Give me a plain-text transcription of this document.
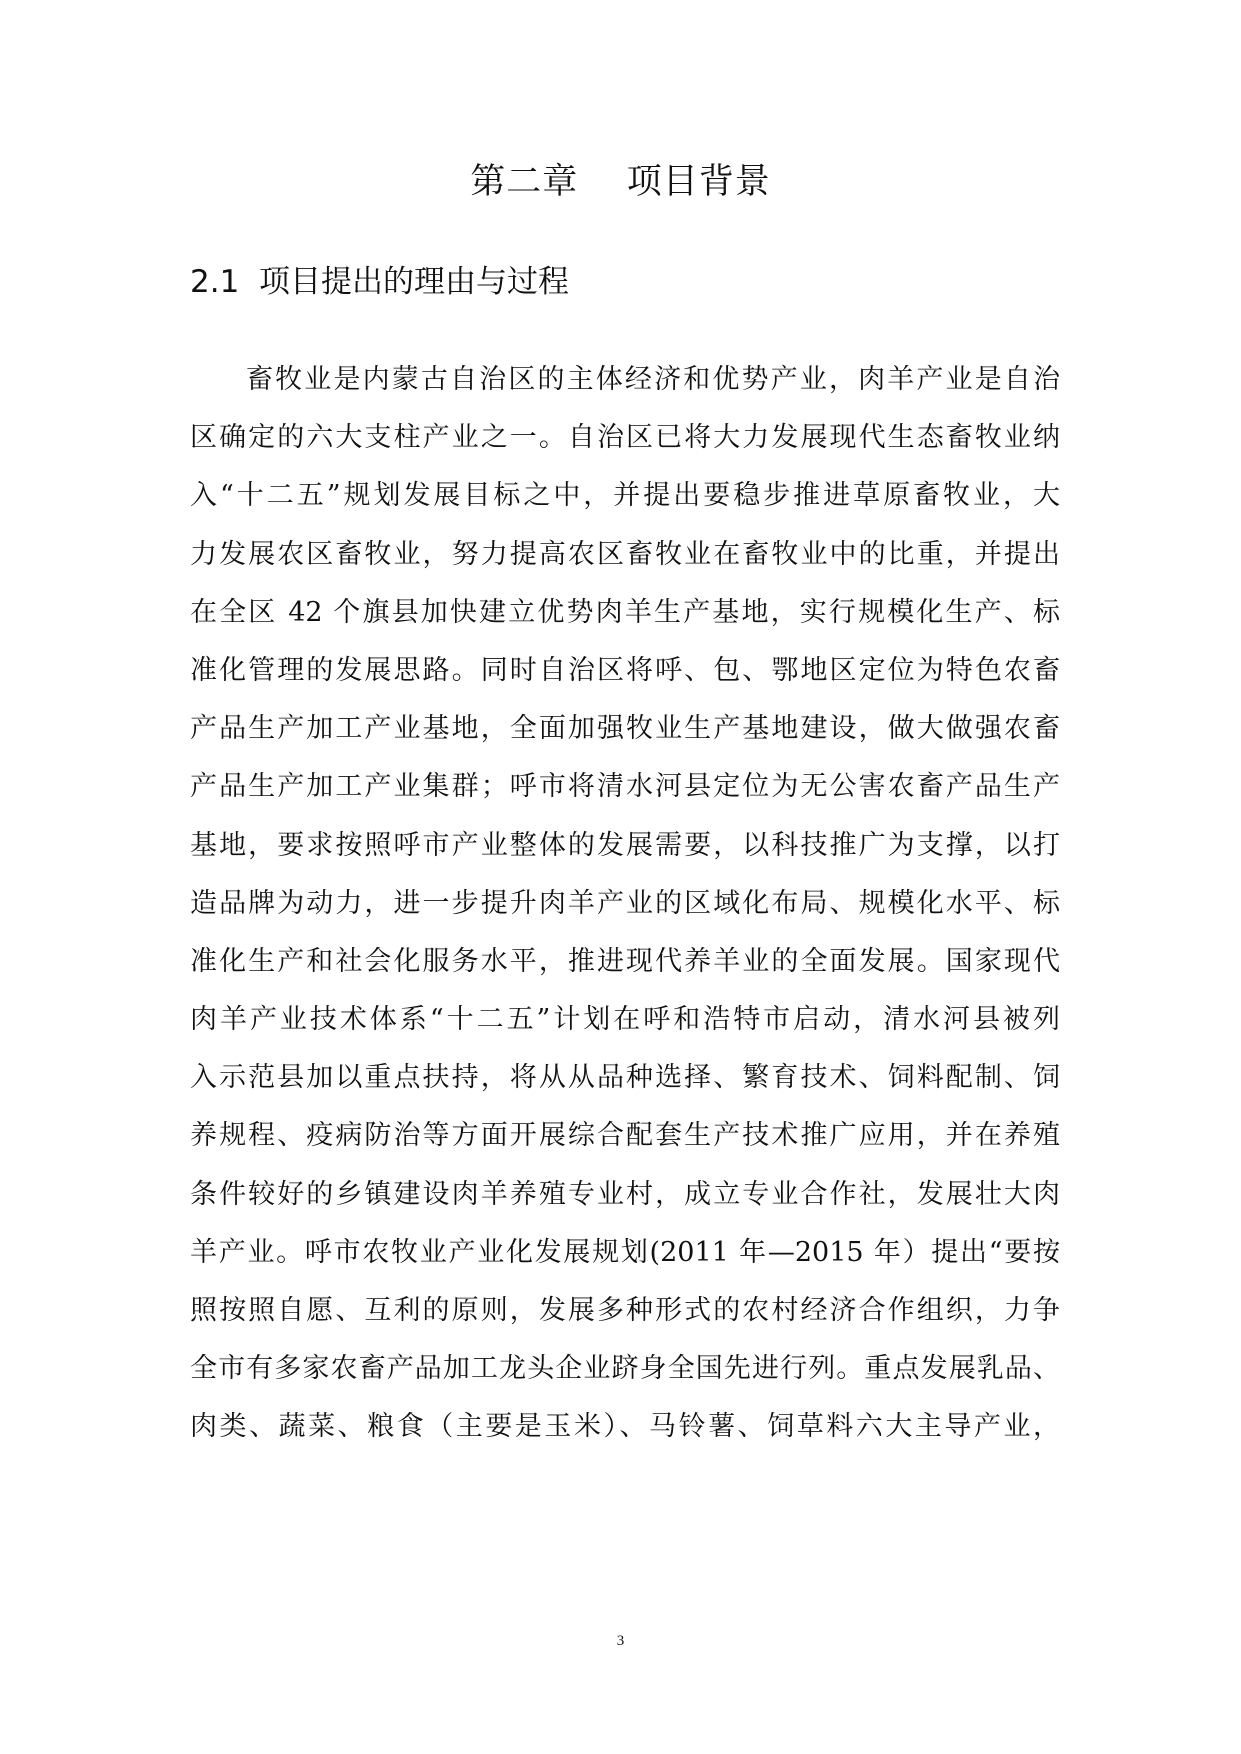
第二章    项目背景
2.1  项目提出的理由与过程
畜牧业是内蒙古自治区的主体经济和优势产业，肉羊产业是自治
区确定的六大支柱产业之一。自治区已将大力发展现代生态畜牧业纳
入“十二五”规划发展目标之中，并提出要稳步推进草原畜牧业，大
力发展农区畜牧业，努力提高农区畜牧业在畜牧业中的比重，并提出
在全区 42 个旗县加快建立优势肉羊生产基地，实行规模化生产、标
准化管理的发展思路。同时自治区将呼、包、鄂地区定位为特色农畜
产品生产加工产业基地，全面加强牧业生产基地建设，做大做强农畜
产品生产加工产业集群；呼市将清水河县定位为无公害农畜产品生产
基地，要求按照呼市产业整体的发展需要，以科技推广为支撑，以打
造品牌为动力，进一步提升肉羊产业的区域化布局、规模化水平、标
准化生产和社会化服务水平，推进现代养羊业的全面发展。国家现代
肉羊产业技术体系“十二五”计划在呼和浩特市启动，清水河县被列
入示范县加以重点扶持，将从从品种选择、繁育技术、饲料配制、饲
养规程、疫病防治等方面开展综合配套生产技术推广应用，并在养殖
条件较好的乡镇建设肉羊养殖专业村，成立专业合作社，发展壮大肉
羊产业。呼市农牧业产业化发展规划(2011 年—2015 年）提出“要按
照按照自愿、互利的原则，发展多种形式的农村经济合作组织，力争
全市有多家农畜产品加工龙头企业跻身全国先进行列。重点发展乳品、
肉类、蔬菜、粮食（主要是玉米）、马铃薯、饲草料六大主导产业，
3
